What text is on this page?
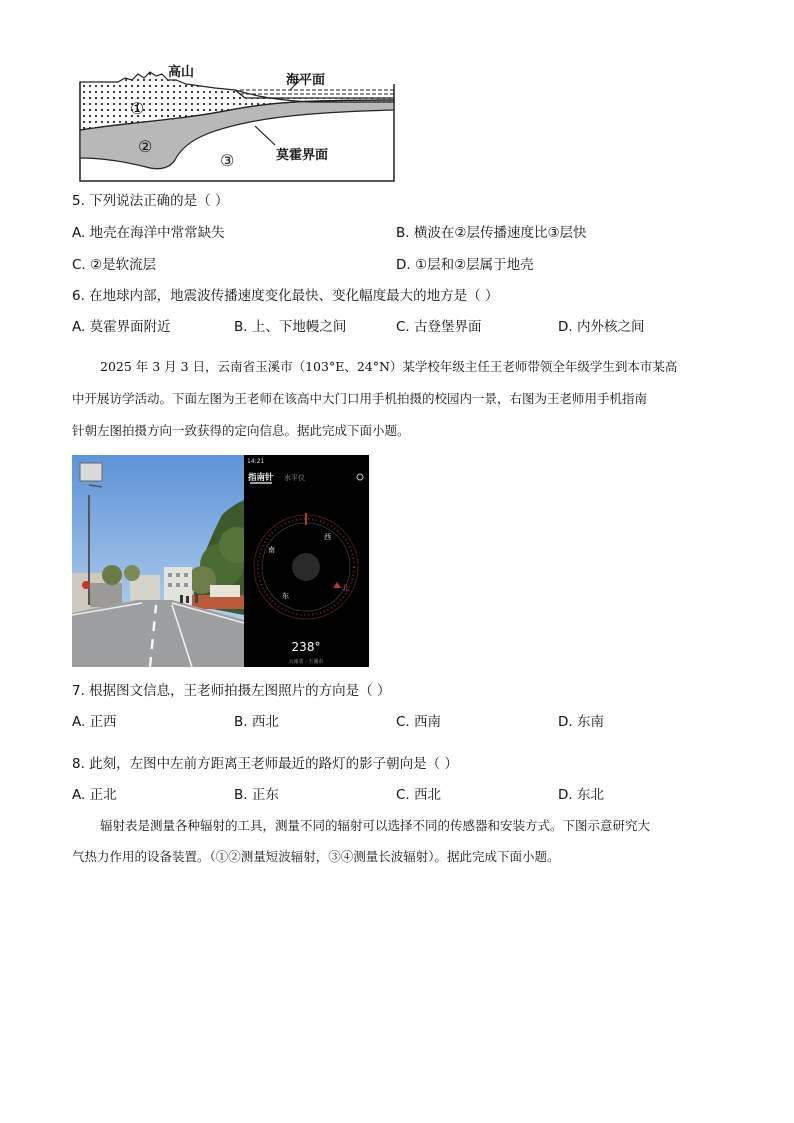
高山
海平面
莫霍界面
①
②
③
5. 下列说法正确的是（ ）
A. 地壳在海洋中常常缺失	B. 横波在②层传播速度比③层快
C. ②是软流层	D. ①层和②层属于地壳
6. 在地球内部，地震波传播速度变化最快、变化幅度最大的地方是（ ）
A. 莫霍界面附近	B. 上、下地幔之间	C. 古登堡界面	D. 内外核之间
2025 年 3 月 3 日，云南省玉溪市（103°E、24°N）某学校年级主任王老师带领全年级学生到本市某高
中开展访学活动。下面左图为王老师在该高中大门口用手机拍摄的校园内一景，右图为王老师用手机指南
针朝左图拍摄方向一致获得的定向信息。据此完成下面小题。
14:21
指南针 水平仪
西
南
东
北
238°
云南省 · 玉溪市
7. 根据图文信息，王老师拍摄左图照片的方向是（ ）
A. 正西	B. 西北	C. 西南	D. 东南
8. 此刻，左图中左前方距离王老师最近的路灯的影子朝向是（ ）
A. 正北	B. 正东	C. 西北	D. 东北
辐射表是测量各种辐射的工具，测量不同的辐射可以选择不同的传感器和安装方式。下图示意研究大
气热力作用的设备装置。（①②测量短波辐射，③④测量长波辐射）。据此完成下面小题。
